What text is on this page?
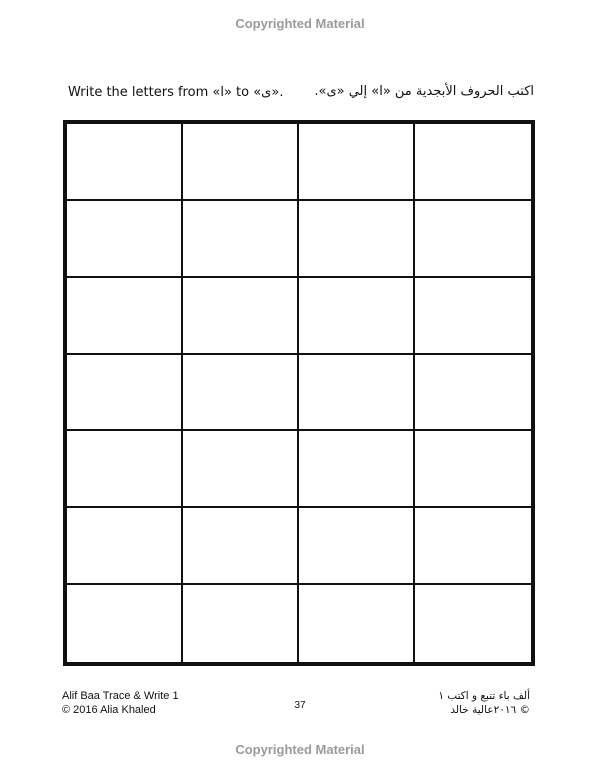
Copyrighted Material
Write the letters from «ا» to «ى». اكتب الحروف الأبجدية من «ا» إلي «ى».
Alif Baa Trace & Write 1
© 2016 Alia Khaled	37
ألف باء تتبع و اكتب ١
© ٢٠١٦عالية خالد
Copyrighted Material
